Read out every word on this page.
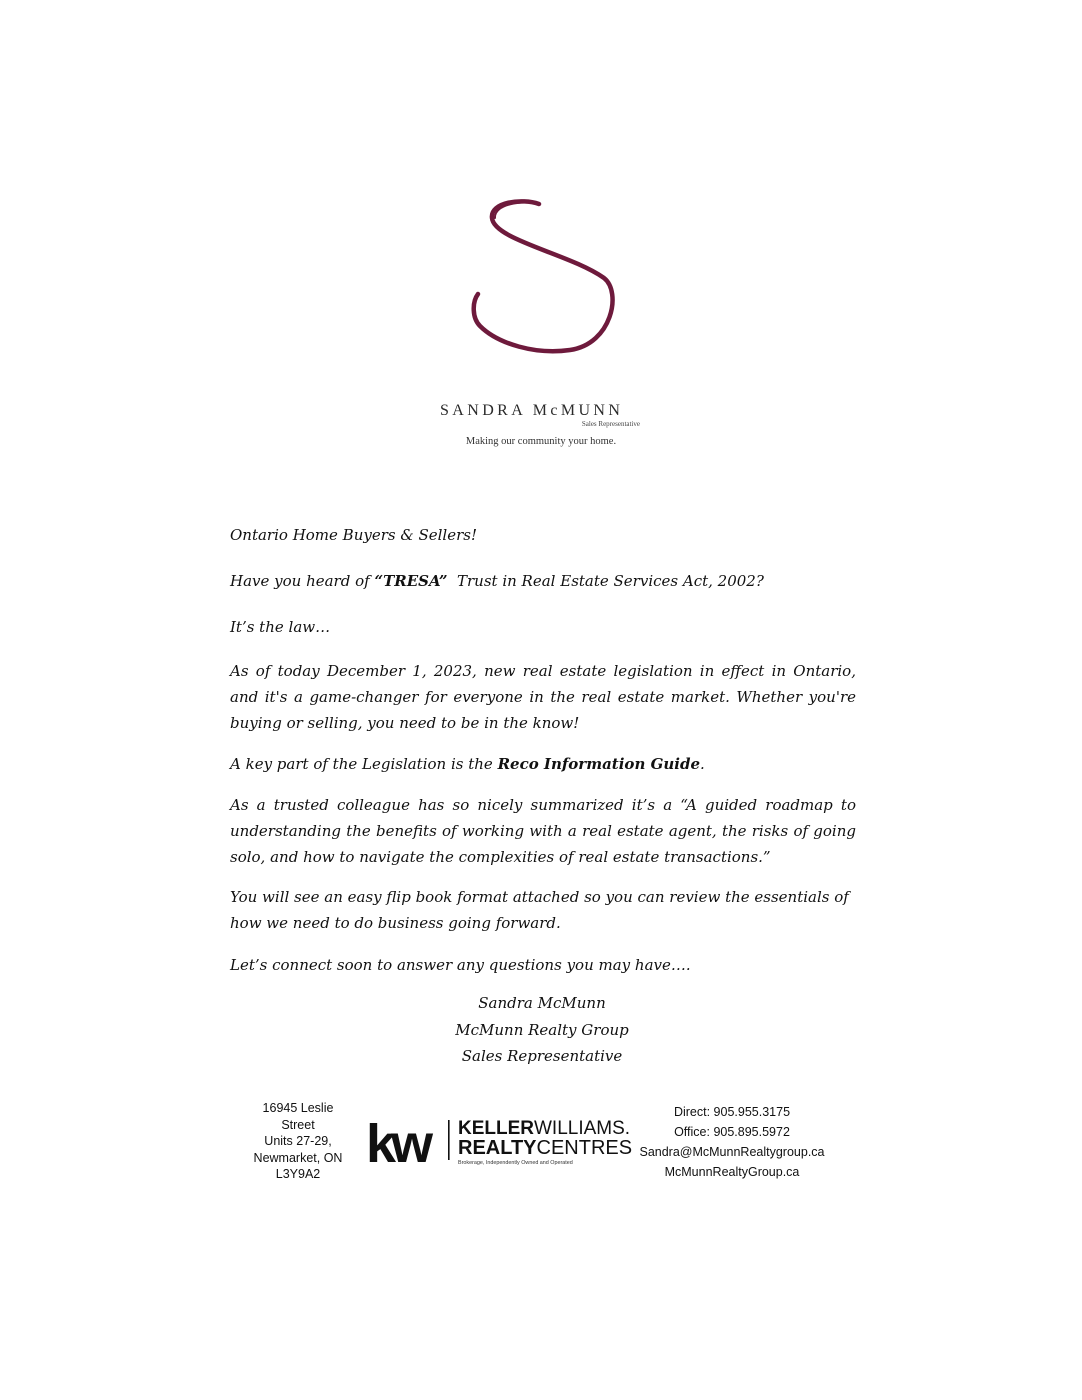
SANDRA McMUNN
Sales Representative
Making our community your home.
Ontario Home Buyers & Sellers!
Have you heard of “TRESA”  Trust in Real Estate Services Act, 2002?
It’s the law…
As of today December 1, 2023, new real estate legislation in effect in Ontario, and it's a game-changer for everyone in the real estate market. Whether you're buying or selling, you need to be in the know!
A key part of the Legislation is the Reco Information Guide.
As a trusted colleague has so nicely summarized it’s a “A guided roadmap to understanding the benefits of working with a real estate agent, the risks of going solo, and how to navigate the complexities of real estate transactions.”
You will see an easy flip book format attached so you can review the essentials of how we need to do business going forward.
Let’s connect soon to answer any questions you may have….
Sandra McMunn
McMunn Realty Group
Sales Representative
16945 Leslie
Street
Units 27-29,
Newmarket, ON
L3Y9A2
kw	KELLERWILLIAMS.
REALTYCENTRES
Brokerage, Independently Owned and Operated
Direct: 905.955.3175
Office: 905.895.5972
Sandra@McMunnRealtygroup.ca
McMunnRealtyGroup.ca
